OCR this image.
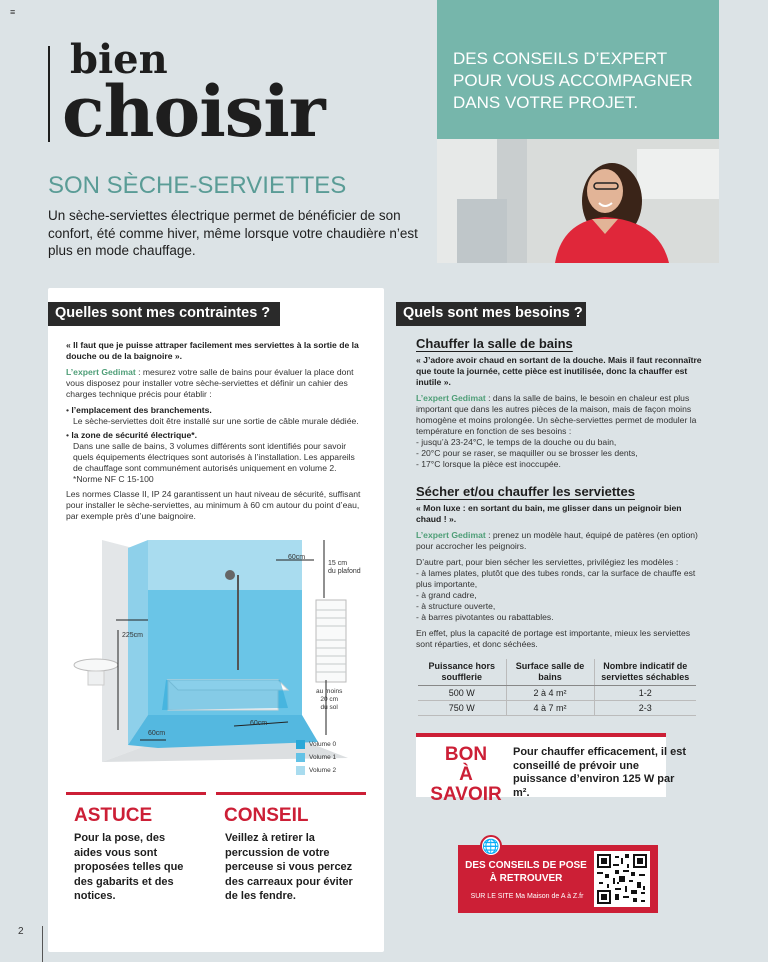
≡
bien
choisir
DES CONSEILS D’EXPERT
POUR VOUS ACCOMPAGNER
DANS VOTRE PROJET.
SON SÈCHE-SERVIETTES
Un sèche-serviettes électrique permet de bénéficier de son confort, été comme hiver, même lorsque votre chaudière n’est plus en mode chauffage.
Quelles sont mes contraintes ?

« Il faut que je puisse attraper facilement mes serviettes à la sortie de la douche ou de la baignoire ».

L’expert Gedimat : mesurez votre salle de bains pour évaluer la place dont vous disposez pour installer votre sèche-serviettes et définir un cahier des charges technique précis pour établir :

• l’emplacement des branchements.
Le sèche-serviettes doit être installé sur une sortie de câble murale dédiée.

• la zone de sécurité électrique*.
Dans une salle de bains, 3 volumes différents sont identifiés pour savoir quels équipements électriques sont autorisés à l’installation. Les appareils de chauffage sont communément autorisés uniquement en volume 2.
*Norme NF C 15-100

Les normes Classe II, IP 24 garantissent un haut niveau de sécurité, suffisant pour installer le sèche-serviettes, au minimum à 60 cm autour du point d’eau, par exemple près d’une baignoire.

60cm
15 cm
du plafond
225cm
au moins
20 cm
du sol
60cm
60cm
Volume 0
Volume 1
Volume 2
ASTUCE
Pour la pose, des aides vous sont proposées telles que des gabarits et des notices.
CONSEIL
Veillez à retirer la percussion de votre perceuse si vous percez des carreaux pour éviter de les fendre.
Quels sont mes besoins ?
Chauffer la salle de bains

« J’adore avoir chaud en sortant de la douche. Mais il faut reconnaître que toute la journée, cette pièce est inutilisée, donc la chauffer est inutile ».

L’expert Gedimat : dans la salle de bains, le besoin en chaleur est plus important que dans les autres pièces de la maison, mais de façon moins homogène et moins prolongée. Un sèche-serviettes permet de moduler la température en fonction de ses besoins :

- jusqu’à 23-24°C, le temps de la douche ou du bain,

- 20°C pour se raser, se maquiller ou se brosser les dents,

- 17°C lorsque la pièce est inoccupée.

Sécher et/ou chauffer les serviettes

« Mon luxe : en sortant du bain, me glisser dans un peignoir bien chaud ! ».

L’expert Gedimat : prenez un modèle haut, équipé de patères (en option) pour accrocher les peignoirs.

D’autre part, pour bien sécher les serviettes, privilégiez les modèles :

- à lames plates, plutôt que des tubes ronds, car la surface de chauffe est plus importante,

- à grand cadre,

- à structure ouverte,

- à barres pivotantes ou rabattables.

En effet, plus la capacité de portage est importante, mieux les serviettes sont réparties, et donc séchées.

Puissance hors soufflerie	Surface salle de bains	Nombre indicatif de serviettes séchables
500 W	2 à 4 m²	1-2
750 W	4 à 7 m²	2-3
BON
À SAVOIR
Pour chauffer efficacement, il est conseillé de prévoir une puissance d’environ 125 W par m².
🌐
DES CONSEILS DE POSE
À RETROUVER
SUR LE SITE Ma Maison de A à Z.fr
2
